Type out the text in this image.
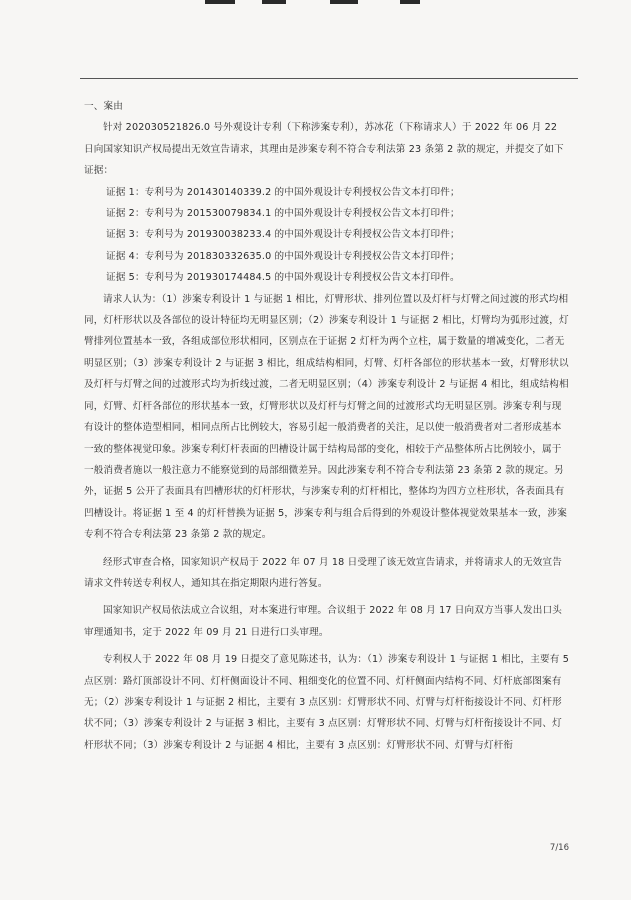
一、案由

针对 202030521826.0 号外观设计专利（下称涉案专利），苏冰花（下称请求人）于 2022 年 06 月 22 日向国家知识产权局提出无效宣告请求，其理由是涉案专利不符合专利法第 23 条第 2 款的规定，并提交了如下证据：

证据 1：专利号为 201430140339.2 的中国外观设计专利授权公告文本打印件；

证据 2：专利号为 201530079834.1 的中国外观设计专利授权公告文本打印件；

证据 3：专利号为 201930038233.4 的中国外观设计专利授权公告文本打印件；

证据 4：专利号为 201830332635.0 的中国外观设计专利授权公告文本打印件；

证据 5：专利号为 201930174484.5 的中国外观设计专利授权公告文本打印件。

请求人认为：（1）涉案专利设计 1 与证据 1 相比，灯臂形状、排列位置以及灯杆与灯臂之间过渡的形式均相同，灯杆形状以及各部位的设计特征均无明显区别；（2）涉案专利设计 1 与证据 2 相比，灯臂均为弧形过渡，灯臂排列位置基本一致，各组成部位形状相同，区别点在于证据 2 灯杆为两个立柱，属于数量的增减变化，二者无明显区别；（3）涉案专利设计 2 与证据 3 相比，组成结构相同，灯臂、灯杆各部位的形状基本一致，灯臂形状以及灯杆与灯臂之间的过渡形式均为折线过渡，二者无明显区别；（4）涉案专利设计 2 与证据 4 相比，组成结构相同，灯臂、灯杆各部位的形状基本一致，灯臂形状以及灯杆与灯臂之间的过渡形式均无明显区别。涉案专利与现有设计的整体造型相同，相同点所占比例较大，容易引起一般消费者的关注，足以使一般消费者对二者形成基本一致的整体视觉印象。涉案专利灯杆表面的凹槽设计属于结构局部的变化，相较于产品整体所占比例较小，属于一般消费者施以一般注意力不能察觉到的局部细微差异。因此涉案专利不符合专利法第 23 条第 2 款的规定。另外，证据 5 公开了表面具有凹槽形状的灯杆形状，与涉案专利的灯杆相比，整体均为四方立柱形状，各表面具有凹槽设计。将证据 1 至 4 的灯杆替换为证据 5，涉案专利与组合后得到的外观设计整体视觉效果基本一致，涉案专利不符合专利法第 23 条第 2 款的规定。

经形式审查合格，国家知识产权局于 2022 年 07 月 18 日受理了该无效宣告请求，并将请求人的无效宣告请求文件转送专利权人，通知其在指定期限内进行答复。

国家知识产权局依法成立合议组，对本案进行审理。合议组于 2022 年 08 月 17 日向双方当事人发出口头审理通知书，定于 2022 年 09 月 21 日进行口头审理。

专利权人于 2022 年 08 月 19 日提交了意见陈述书，认为：（1）涉案专利设计 1 与证据 1 相比，主要有 5 点区别：路灯顶部设计不同、灯杆侧面设计不同、粗细变化的位置不同、灯杆侧面内结构不同、灯杆底部图案有无；（2）涉案专利设计 1 与证据 2 相比，主要有 3 点区别：灯臂形状不同、灯臂与灯杆衔接设计不同、灯杆形状不同；（3）涉案专利设计 2 与证据 3 相比，主要有 3 点区别：灯臂形状不同、灯臂与灯杆衔接设计不同、灯杆形状不同；（3）涉案专利设计 2 与证据 4 相比，主要有 3 点区别：灯臂形状不同、灯臂与灯杆衔

7/16
